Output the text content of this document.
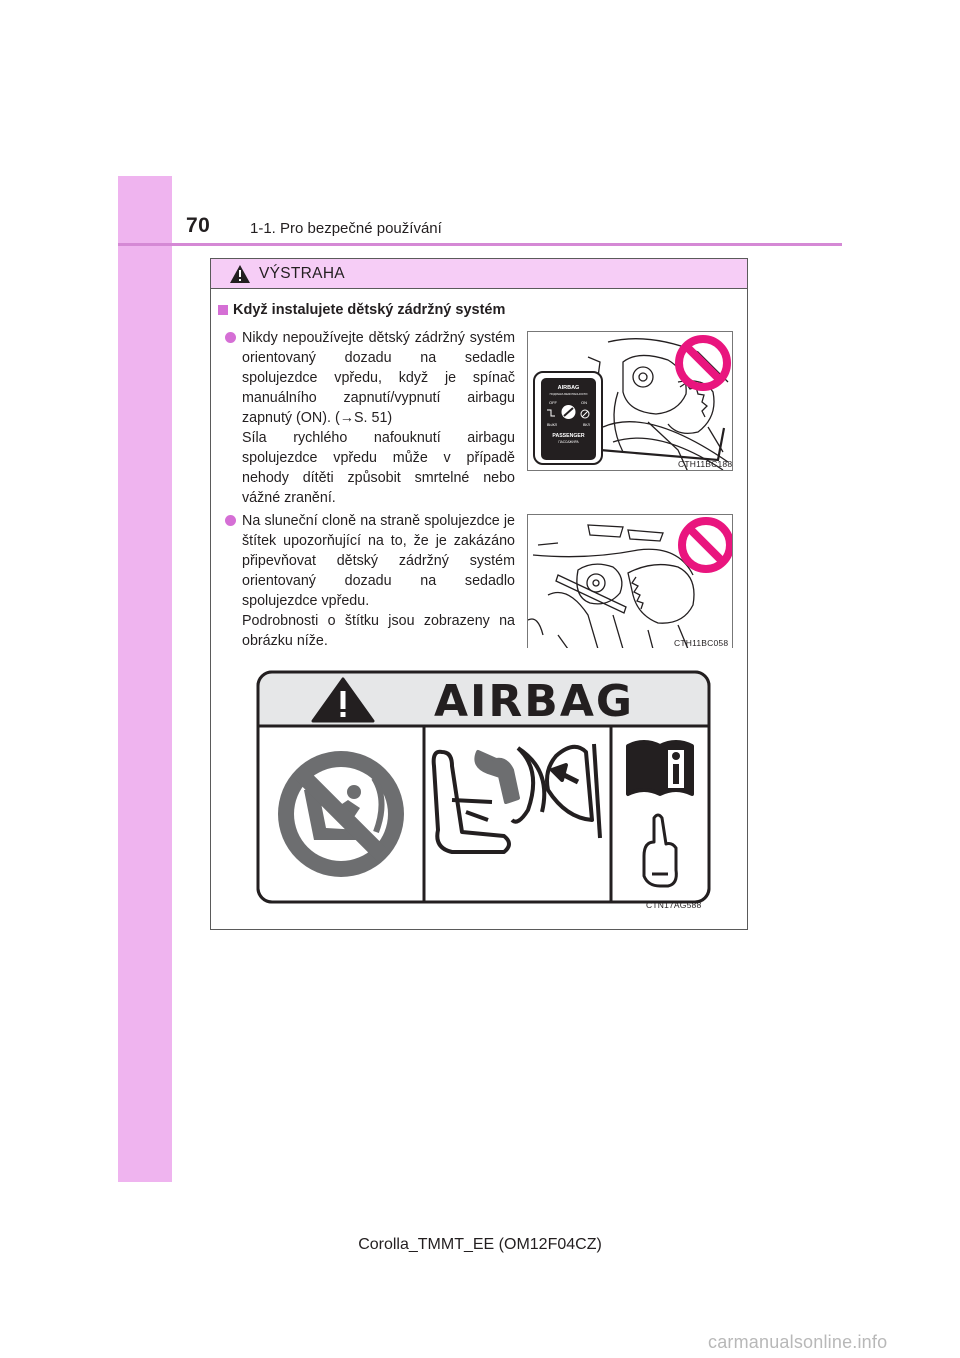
70	1-1. Pro bezpečné používání
VÝSTRAHA
Když instalujete dětský zádržný systém

Nikdy nepoužívejte dětský zádržný systém orientovaný dozadu na sedadle spolujezdce vpředu, když je spínač manuálního zapnutí/vypnutí airbagu zapnutý (ON). (→S. 51)

Síla rychlého nafouknutí airbagu spolujezdce vpředu může v případě nehody dítěti způsobit smrtelné nebo vážné zranění.

AIRBAG
ПОДУШКА БЕЗОПАСНОСТИ
OFF	ON
ВЫКЛ	ВКЛ
PASSENGER
ПАССАЖИРА
CTH11BC188

Na sluneční cloně na straně spolujezdce je štítek upozorňující na to, že je zakázáno připevňovat dětský zádržný systém orientovaný dozadu na sedadlo spolujezdce vpředu.

Podrobnosti o štítku jsou zobrazeny na obrázku níže.	CTH11BC058
AIRBAG
CTN17AG588
Corolla_TMMT_EE (OM12F04CZ)
carmanualsonline.info
